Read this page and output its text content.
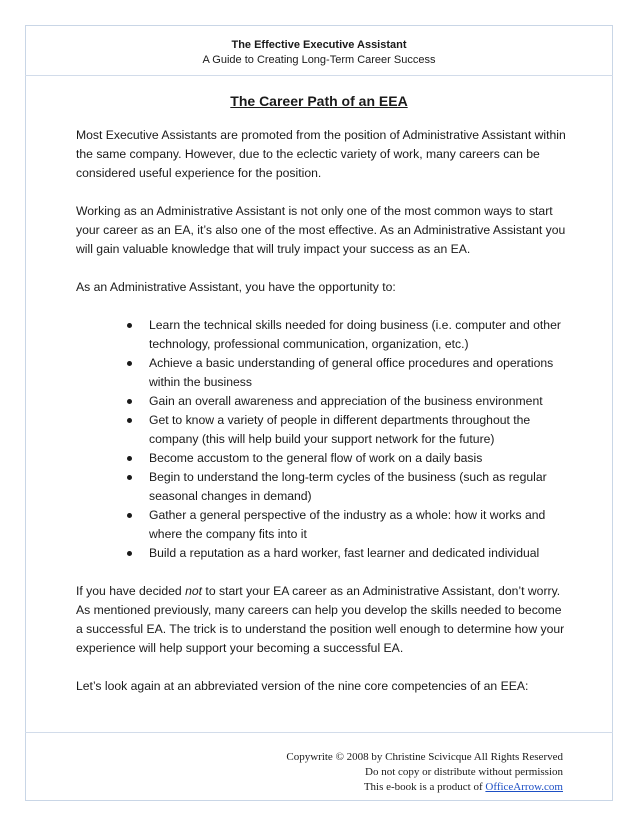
The Effective Executive Assistant
A Guide to Creating Long-Term Career Success
The Career Path of an EEA

Most Executive Assistants are promoted from the position of Administrative Assistant within the same company. However, due to the eclectic variety of work, many careers can be considered useful experience for the position.

Working as an Administrative Assistant is not only one of the most common ways to start your career as an EA, it’s also one of the most effective. As an Administrative Assistant you will gain valuable knowledge that will truly impact your success as an EA.

As an Administrative Assistant, you have the opportunity to:

Learn the technical skills needed for doing business (i.e. computer and other technology, professional communication, organization, etc.)
Achieve a basic understanding of general office procedures and operations within the business
Gain an overall awareness and appreciation of the business environment
Get to know a variety of people in different departments throughout the company (this will help build your support network for the future)
Become accustom to the general flow of work on a daily basis
Begin to understand the long-term cycles of the business (such as regular seasonal changes in demand)
Gather a general perspective of the industry as a whole: how it works and where the company fits into it
Build a reputation as a hard worker, fast learner and dedicated individual

If you have decided not to start your EA career as an Administrative Assistant, don’t worry. As mentioned previously, many careers can help you develop the skills needed to become a successful EA. The trick is to understand the position well enough to determine how your experience will help support your becoming a successful EA.

Let’s look again at an abbreviated version of the nine core competencies of an EEA:

Copywrite © 2008 by Christine Scivicque All Rights Reserved
Do not copy or distribute without permission
This e-book is a product of OfficeArrow.com
